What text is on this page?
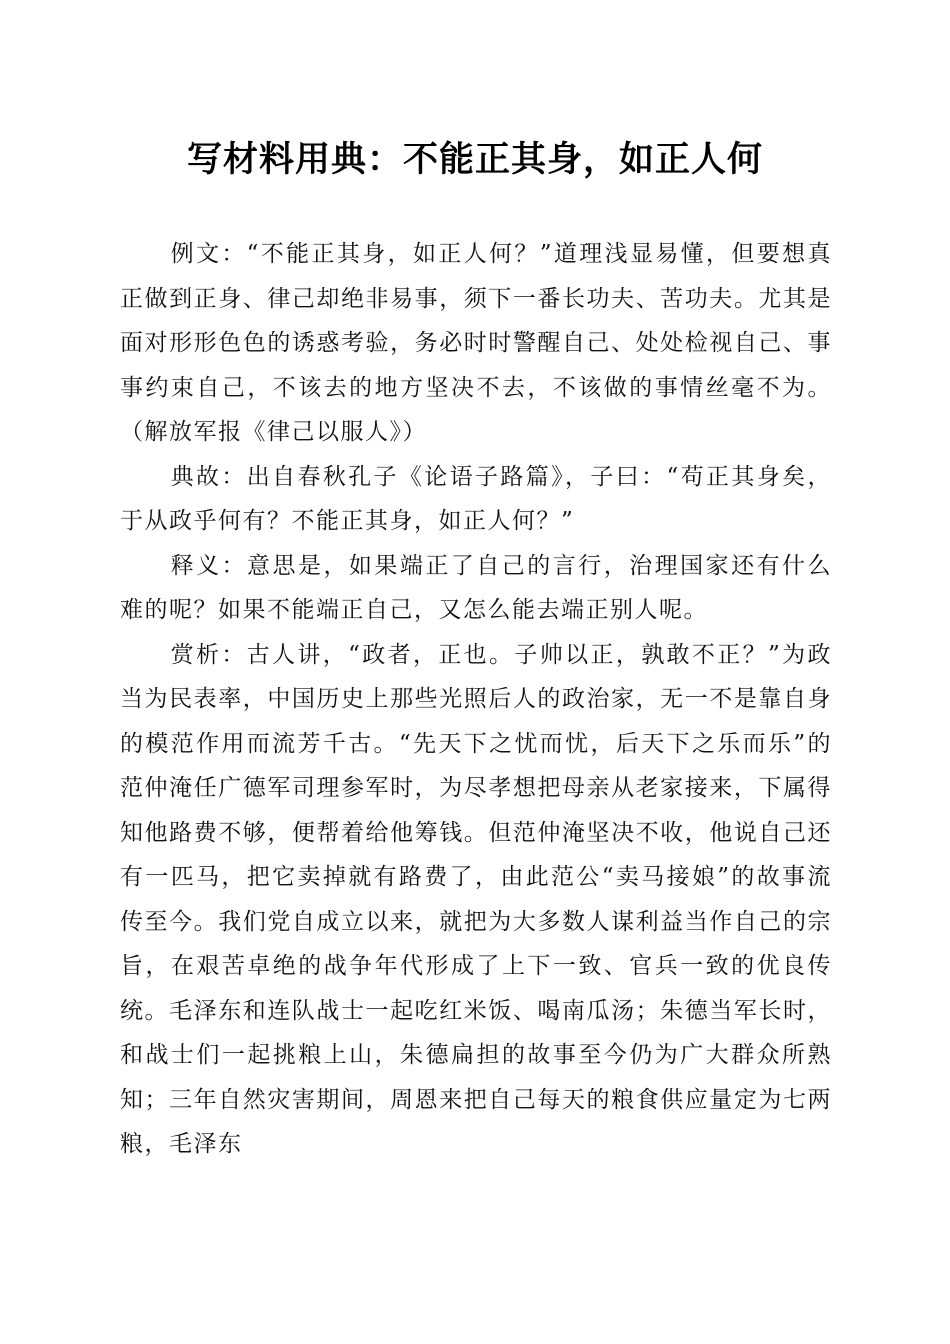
写材料用典：不能正其身，如正人何

例文：“不能正其身，如正人何？”道理浅显易懂，但要想真正做到正身、律己却绝非易事，须下一番长功夫、苦功夫。尤其是面对形形色色的诱惑考验，务必时时警醒自己、处处检视自己、事事约束自己，不该去的地方坚决不去，不该做的事情丝毫不为。（解放军报《律己以服人》）

典故：出自春秋孔子《论语子路篇》，子曰：“苟正其身矣，于从政乎何有？不能正其身，如正人何？”

释义：意思是，如果端正了自己的言行，治理国家还有什么难的呢？如果不能端正自己，又怎么能去端正别人呢。

赏析：古人讲，“政者，正也。子帅以正，孰敢不正？”为政当为民表率，中国历史上那些光照后人的政治家，无一不是靠自身的模范作用而流芳千古。“先天下之忧而忧，后天下之乐而乐”的范仲淹任广德军司理参军时，为尽孝想把母亲从老家接来，下属得知他路费不够，便帮着给他筹钱。但范仲淹坚决不收，他说自己还有一匹马，把它卖掉就有路费了，由此范公“卖马接娘”的故事流传至今。我们党自成立以来，就把为大多数人谋利益当作自己的宗旨，在艰苦卓绝的战争年代形成了上下一致、官兵一致的优良传统。毛泽东和连队战士一起吃红米饭、喝南瓜汤；朱德当军长时，和战士们一起挑粮上山，朱德扁担的故事至今仍为广大群众所熟知；三年自然灾害期间，周恩来把自己每天的粮食供应量定为七两粮，毛泽东
